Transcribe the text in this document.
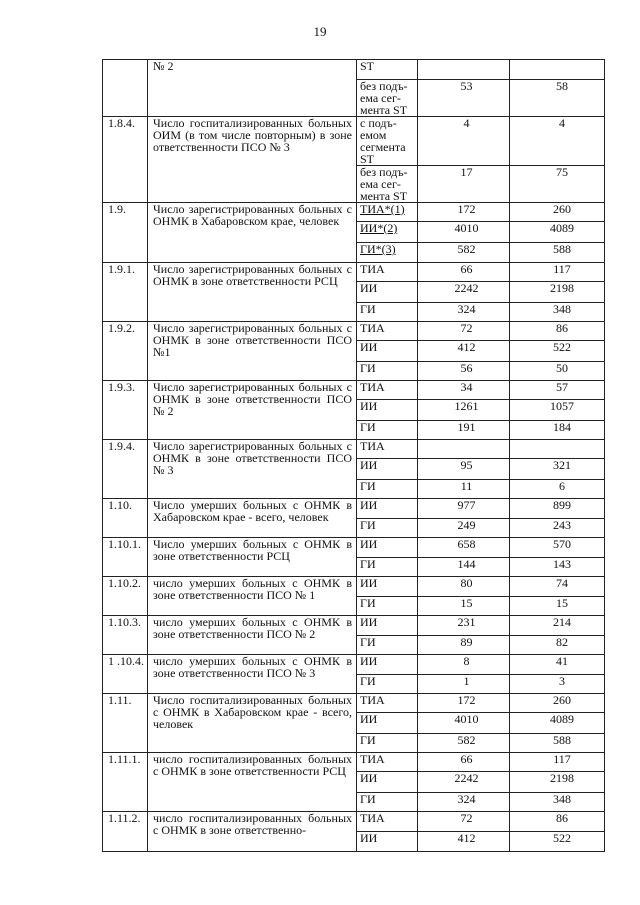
19
	№ 2	ST		
		без подъ-ема сег-мента ST	53	58
1.8.4.	Число госпитализированных больных ОИМ (в том числе повторным) в зоне ответственности ПСО № 3	с подъ-емом сегмента ST	4	4
		без подъ-ема сег-мента ST	17	75
1.9.	Число зарегистрированных больных с ОНМК в Хабаровском крае, человек	ТИА*(1)	172	260
		ИИ*(2)	4010	4089
		ГИ*(3)	582	588
1.9.1.	Число зарегистрированных больных с ОНМК в зоне ответственности РСЦ	ТИА	66	117
		ИИ	2242	2198
		ГИ	324	348
1.9.2.	Число зарегистрированных больных с ОНМК в зоне ответственности ПСО №1	ТИА	72	86
		ИИ	412	522
		ГИ	56	50
1.9.3.	Число зарегистрированных больных с ОНМК в зоне ответственности ПСО № 2	ТИА	34	57
		ИИ	1261	1057
		ГИ	191	184
1.9.4.	Число зарегистрированных больных с ОНМК в зоне ответственности ПСО № 3	ТИА		
		ИИ	95	321
		ГИ	11	6
1.10.	Число умерших больных с ОНМК в Хабаровском крае - всего, человек	ИИ	977	899
		ГИ	249	243
1.10.1.	Число умерших больных с ОНМК в зоне ответственности РСЦ	ИИ	658	570
		ГИ	144	143
1.10.2.	число умерших больных с ОНМК в зоне ответственности ПСО № 1	ИИ	80	74
		ГИ	15	15
1.10.3.	число умерших больных с ОНМК в зоне ответственности ПСО № 2	ИИ	231	214
		ГИ	89	82
1 .10.4.	число умерших больных с ОНМК в зоне ответственности ПСО № 3	ИИ	8	41
		ГИ	1	3
1.11.	Число госпитализированных больных с ОНМК в Хабаровском крае - всего, человек	ТИА	172	260
		ИИ	4010	4089
		ГИ	582	588
1.11.1.	число госпитализированных больных с ОНМК в зоне ответственности РСЦ	ТИА	66	117
		ИИ	2242	2198
		ГИ	324	348
1.11.2.	число госпитализированных больных с ОНМК в зоне ответственно-	ТИА	72	86
		ИИ	412	522
